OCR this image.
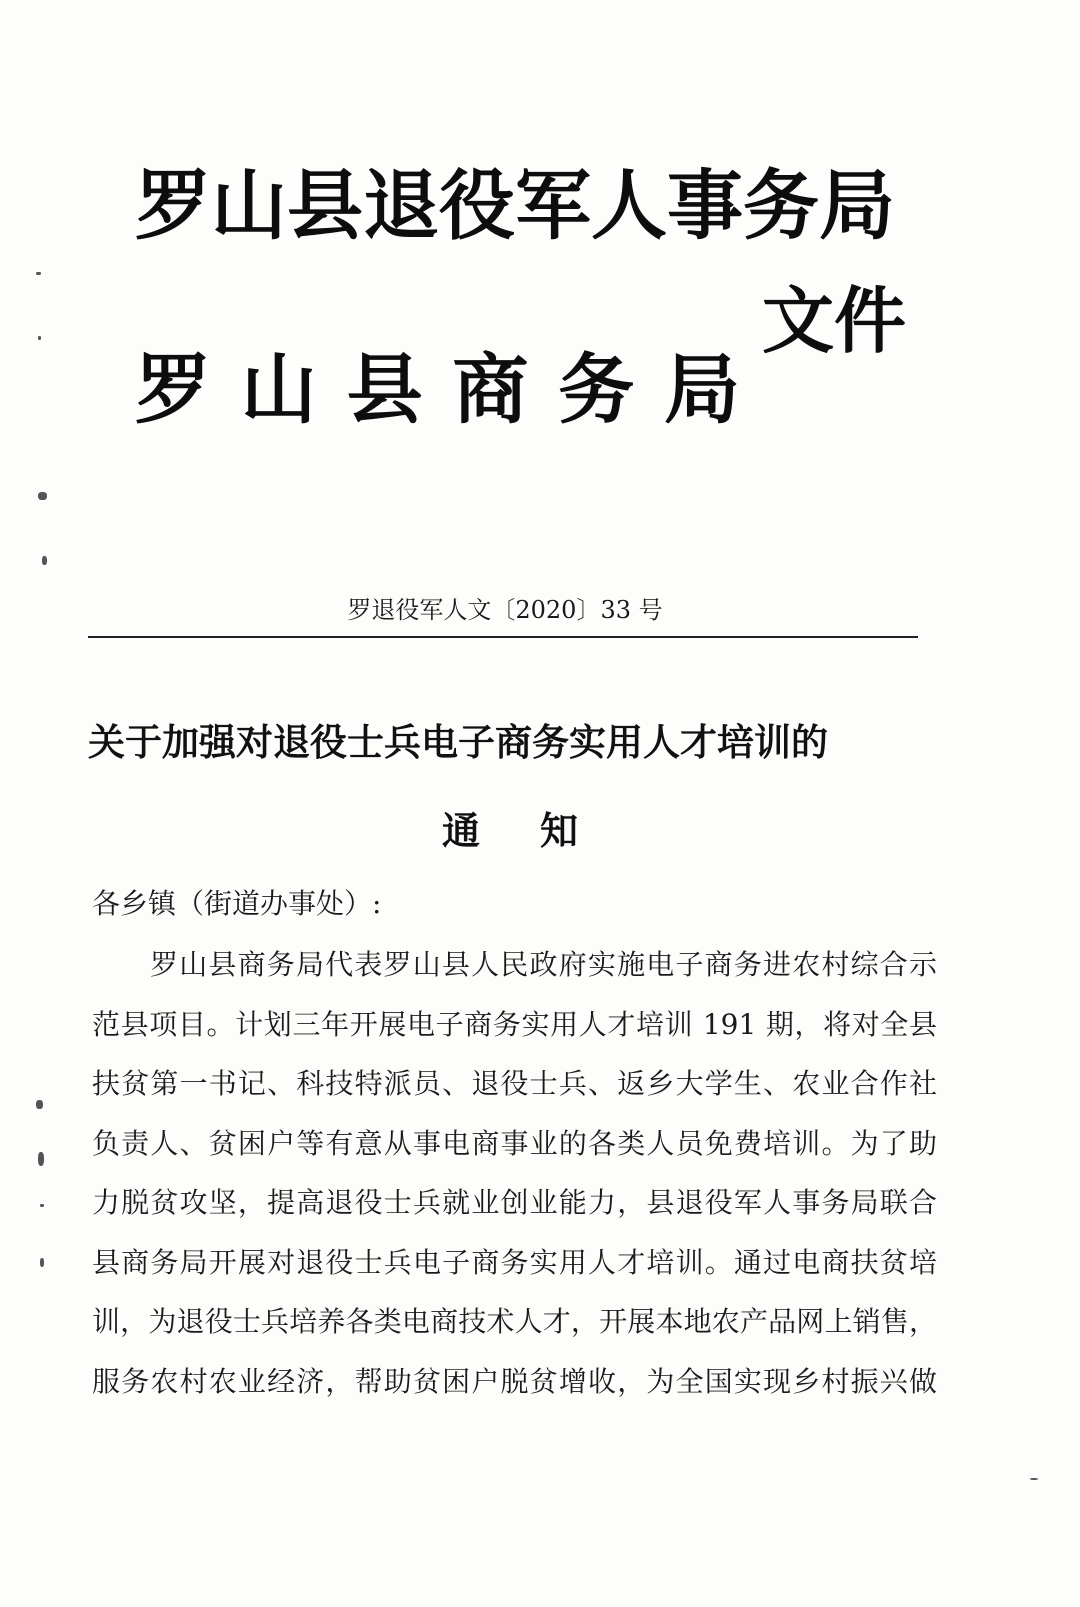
罗山县退役军人事务局
罗 山 县 商 务 局
文件
罗退役军人文〔2020〕33 号
关于加强对退役士兵电子商务实用人才培训的
通知
各乡镇（街道办事处）:
罗山县商务局代表罗山县人民政府实施电子商务进农村综合示
范县项目。计划三年开展电子商务实用人才培训 191 期，将对全县
扶贫第一书记、科技特派员、退役士兵、返乡大学生、农业合作社
负责人、贫困户等有意从事电商事业的各类人员免费培训。为了助
力脱贫攻坚，提高退役士兵就业创业能力，县退役军人事务局联合
县商务局开展对退役士兵电子商务实用人才培训。通过电商扶贫培
训，为退役士兵培养各类电商技术人才，开展本地农产品网上销售，
服务农村农业经济，帮助贫困户脱贫增收，为全国实现乡村振兴做
